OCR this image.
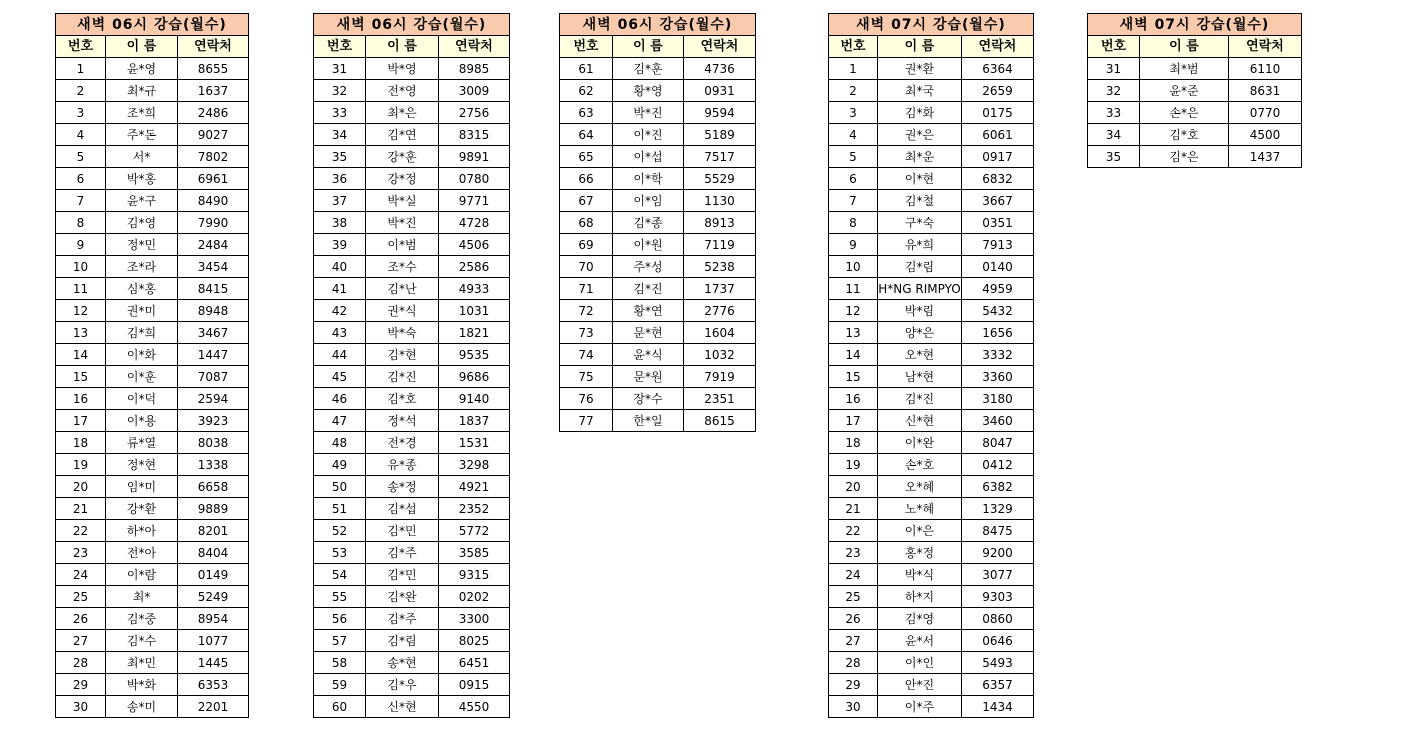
새벽 06시 강습(월수)		
번호	이 름	연락처
1	윤*영	8655
2	최*규	1637
3	조*희	2486
4	주*돈	9027
5	서*	7802
6	박*홍	6961
7	윤*구	8490
8	김*영	7990
9	정*민	2484
10	조*라	3454
11	심*홍	8415
12	권*미	8948
13	김*희	3467
14	이*화	1447
15	이*훈	7087
16	이*덕	2594
17	이*용	3923
18	류*열	8038
19	정*현	1338
20	임*미	6658
21	강*환	9889
22	하*아	8201
23	전*아	8404
24	이*람	0149
25	최*	5249
26	김*중	8954
27	김*수	1077
28	최*민	1445
29	박*화	6353
30	송*미	2201
새벽 06시 강습(월수)		
번호	이 름	연락처
31	박*영	8985
32	전*영	3009
33	최*은	2756
34	김*연	8315
35	강*훈	9891
36	강*정	0780
37	박*실	9771
38	박*진	4728
39	이*범	4506
40	조*수	2586
41	김*난	4933
42	권*식	1031
43	박*숙	1821
44	김*현	9535
45	김*진	9686
46	김*호	9140
47	정*석	1837
48	전*경	1531
49	유*종	3298
50	송*정	4921
51	김*섭	2352
52	김*민	5772
53	김*주	3585
54	김*민	9315
55	김*완	0202
56	김*주	3300
57	김*림	8025
58	송*현	6451
59	김*우	0915
60	신*현	4550
새벽 06시 강습(월수)		
번호	이 름	연락처
61	김*훈	4736
62	황*영	0931
63	박*진	9594
64	이*진	5189
65	이*섭	7517
66	이*학	5529
67	이*임	1130
68	김*종	8913
69	이*원	7119
70	주*성	5238
71	김*진	1737
72	황*연	2776
73	문*현	1604
74	윤*식	1032
75	문*원	7919
76	장*수	2351
77	한*일	8615
새벽 07시 강습(월수)		
번호	이 름	연락처
1	권*환	6364
2	최*국	2659
3	김*화	0175
4	권*은	6061
5	최*운	0917
6	이*현	6832
7	김*철	3667
8	구*숙	0351
9	유*희	7913
10	김*림	0140
11	H*NG RIMPYO	4959
12	박*림	5432
13	양*은	1656
14	오*현	3332
15	남*현	3360
16	김*진	3180
17	신*현	3460
18	이*완	8047
19	손*호	0412
20	오*혜	6382
21	노*혜	1329
22	이*은	8475
23	홍*정	9200
24	박*식	3077
25	하*지	9303
26	김*영	0860
27	윤*서	0646
28	이*인	5493
29	안*진	6357
30	이*주	1434
새벽 07시 강습(월수)		
번호	이 름	연락처
31	최*범	6110
32	윤*준	8631
33	손*은	0770
34	김*호	4500
35	김*은	1437
